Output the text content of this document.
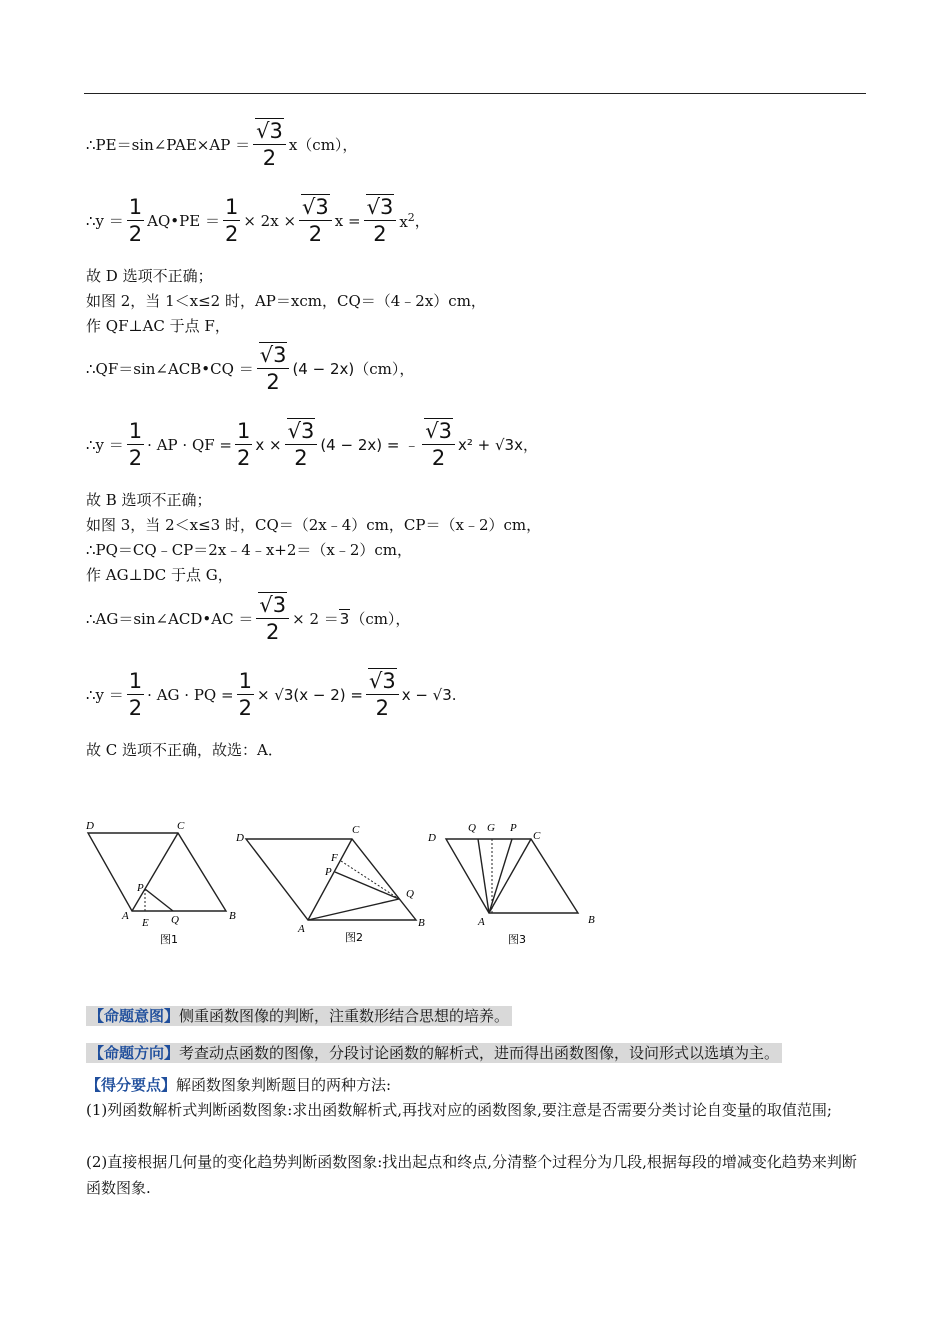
∴PE＝sin∠PAE×AP ＝ $\frac{√3}{2} x(cm)$，
∴y ＝ $\frac{1}{2}$ AQ•PE ＝ $\frac{1}{2} \times 2x \times \frac{√3}{2}$ $x = \frac{√3}{2} x^2$ ，
故 D 选项不正确；
如图 2，当 1＜x≤2 时，AP＝xcm，CQ＝（4﹣2x）cm，
作 QF⊥AC 于点 F，
∴QF＝sin∠ACB•CQ ＝ $\frac{√3}{2} (4 - 2x)$ （cm），
∴y ＝ $\frac{1}{2}$ · AP · QF = $\frac{1}{2}$ $x \times \frac{√3}{2} (4 - 2x)$ = ﹣ $\frac{√3}{2} x^2 + √3x$，
故 B 选项不正确；
如图 3，当 2＜x≤3 时，CQ＝（2x﹣4）cm，CP＝（x﹣2）cm，
∴PQ＝CQ﹣CP＝2x﹣4﹣x+2＝（x﹣2）cm，
作 AG⊥DC 于点 G，
∴AG＝sin∠ACD•AC ＝ $\frac{√3}{2} \times 2 = 3$ （cm），
∴y ＝ $\frac{1}{2}$ · AG · PQ = $\frac{1}{2} \times √3(x - 2) = \frac{√3}{2}$ x − √3.
故 C 选项不正确，故选：A．
D	C
P
A
E Q	B
图1
D
C
F
P
Q
A	B
图2
D
Q G P
C
A	B
图3
【命题意图】侧重函数图像的判断，注重数形结合思想的培养。
【命题方向】考查动点函数的图像，分段讨论函数的解析式，进而得出函数图像，设问形式以选填为主。
【得分要点】解函数图象判断题目的两种方法:
(1)列函数解析式判断函数图象:求出函数解析式,再找对应的函数图象,要注意是否需要分类讨论自变量的取值范围;
(2)直接根据几何量的变化趋势判断函数图象:找出起点和终点,分清整个过程分为几段,根据每段的增减变化趋势来判断函数图象.
